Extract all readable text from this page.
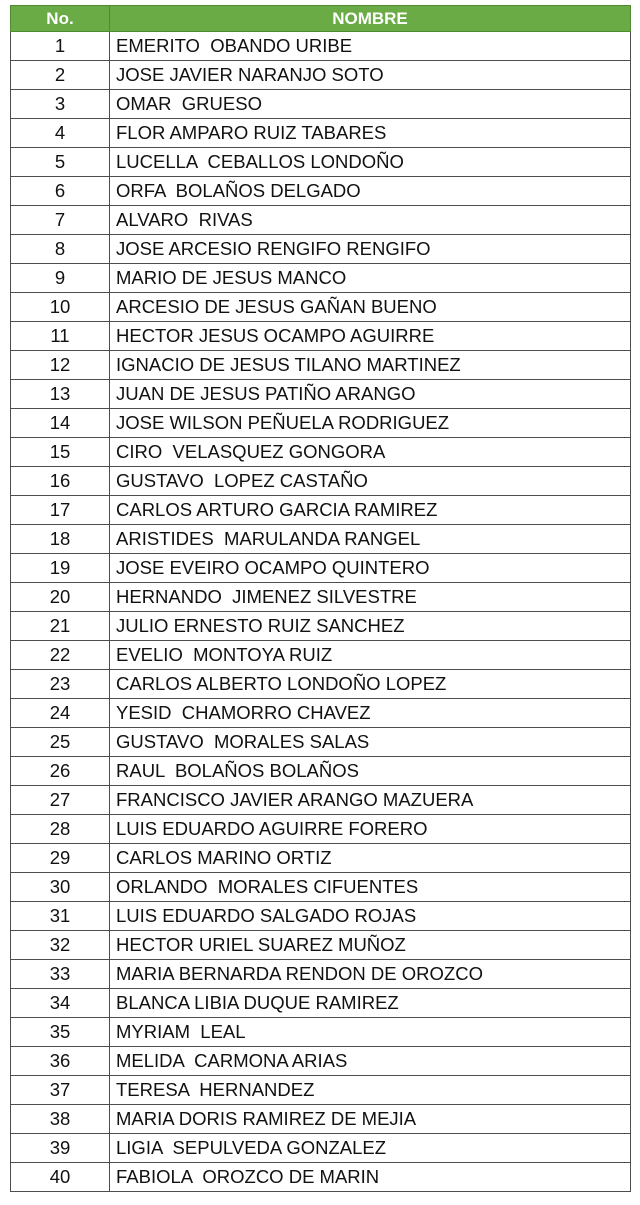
No.	NOMBRE
1	EMERITO  OBANDO URIBE
2	JOSE JAVIER NARANJO SOTO
3	OMAR  GRUESO
4	FLOR AMPARO RUIZ TABARES
5	LUCELLA  CEBALLOS LONDOÑO
6	ORFA  BOLAÑOS DELGADO
7	ALVARO  RIVAS
8	JOSE ARCESIO RENGIFO RENGIFO
9	MARIO DE JESUS MANCO
10	ARCESIO DE JESUS GAÑAN BUENO
11	HECTOR JESUS OCAMPO AGUIRRE
12	IGNACIO DE JESUS TILANO MARTINEZ
13	JUAN DE JESUS PATIÑO ARANGO
14	JOSE WILSON PEÑUELA RODRIGUEZ
15	CIRO  VELASQUEZ GONGORA
16	GUSTAVO  LOPEZ CASTAÑO
17	CARLOS ARTURO GARCIA RAMIREZ
18	ARISTIDES  MARULANDA RANGEL
19	JOSE EVEIRO OCAMPO QUINTERO
20	HERNANDO  JIMENEZ SILVESTRE
21	JULIO ERNESTO RUIZ SANCHEZ
22	EVELIO  MONTOYA RUIZ
23	CARLOS ALBERTO LONDOÑO LOPEZ
24	YESID  CHAMORRO CHAVEZ
25	GUSTAVO  MORALES SALAS
26	RAUL  BOLAÑOS BOLAÑOS
27	FRANCISCO JAVIER ARANGO MAZUERA
28	LUIS EDUARDO AGUIRRE FORERO
29	CARLOS MARINO ORTIZ
30	ORLANDO  MORALES CIFUENTES
31	LUIS EDUARDO SALGADO ROJAS
32	HECTOR URIEL SUAREZ MUÑOZ
33	MARIA BERNARDA RENDON DE OROZCO
34	BLANCA LIBIA DUQUE RAMIREZ
35	MYRIAM  LEAL
36	MELIDA  CARMONA ARIAS
37	TERESA  HERNANDEZ
38	MARIA DORIS RAMIREZ DE MEJIA
39	LIGIA  SEPULVEDA GONZALEZ
40	FABIOLA  OROZCO DE MARIN
